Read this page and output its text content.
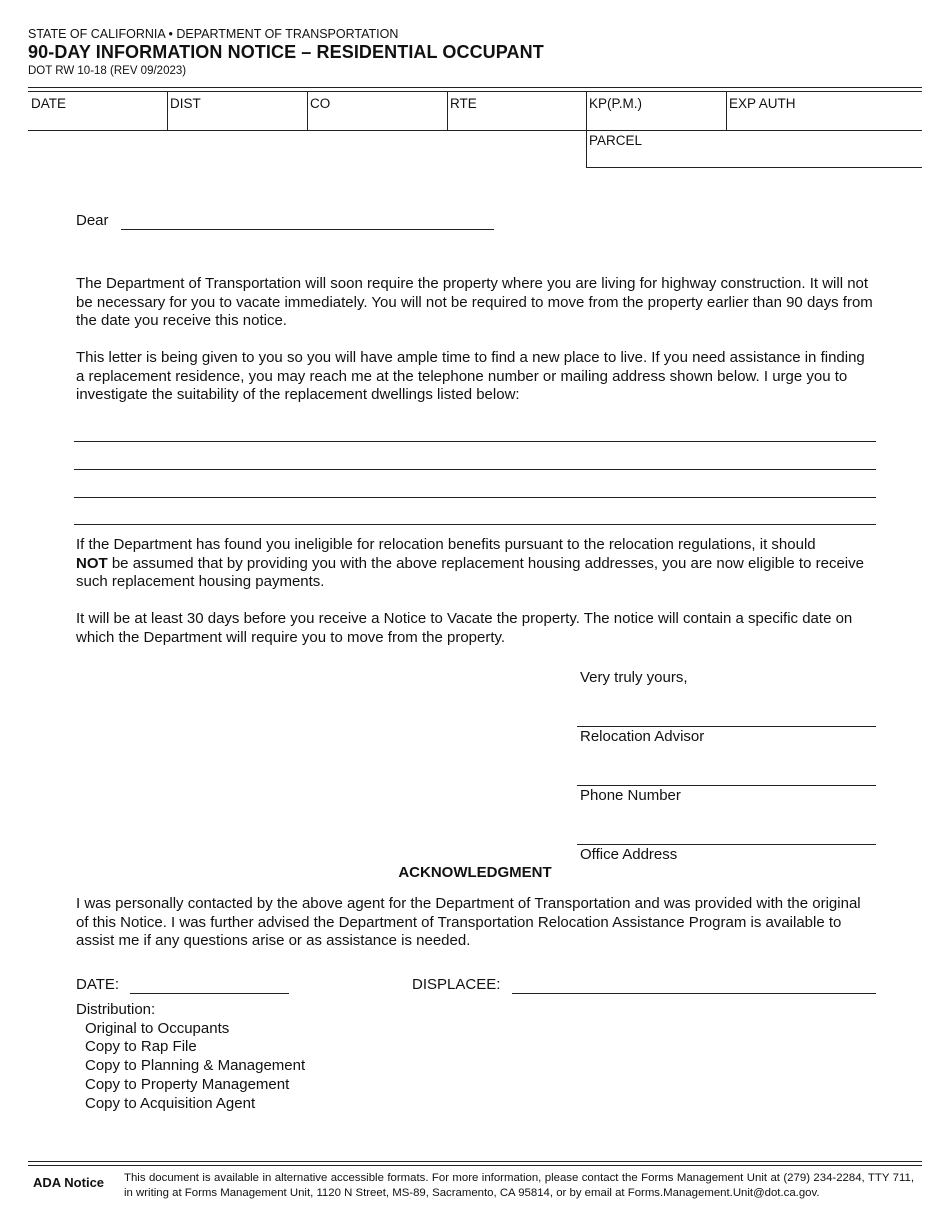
STATE OF CALIFORNIA • DEPARTMENT OF TRANSPORTATION
90-DAY INFORMATION NOTICE – RESIDENTIAL OCCUPANT
DOT RW 10-18 (REV 09/2023)
DATE	DIST	CO	RTE	KP(P.M.)	EXP AUTH
PARCEL
Dear
The Department of Transportation will soon require the property where you are living for highway construction. It will not be necessary for you to vacate immediately. You will not be required to move from the property earlier than 90 days from the date you receive this notice.
This letter is being given to you so you will have ample time to find a new place to live. If you need assistance in finding a replacement residence, you may reach me at the telephone number or mailing address shown below. I urge you to investigate the suitability of the replacement dwellings listed below:
If the Department has found you ineligible for relocation benefits pursuant to the relocation regulations, it should
NOT be assumed that by providing you with the above replacement housing addresses, you are now eligible to receive such replacement housing payments.
It will be at least 30 days before you receive a Notice to Vacate the property. The notice will contain a specific date on which the Department will require you to move from the property.
Very truly yours,
Relocation Advisor
Phone Number
Office Address
ACKNOWLEDGMENT
I was personally contacted by the above agent for the Department of Transportation and was provided with the original of this Notice. I was further advised the Department of Transportation Relocation Assistance Program is available to assist me if any questions arise or as assistance is needed.
DATE:	DISPLACEE:
Distribution:
Original to Occupants
Copy to Rap File
Copy to Planning & Management
Copy to Property Management
Copy to Acquisition Agent
ADA Notice This document is available in alternative accessible formats. For more information, please contact the Forms Management Unit at (279) 234-2284, TTY 711, in writing at Forms Management Unit, 1120 N Street, MS-89, Sacramento, CA 95814, or by email at Forms.Management.Unit@dot.ca.gov.
